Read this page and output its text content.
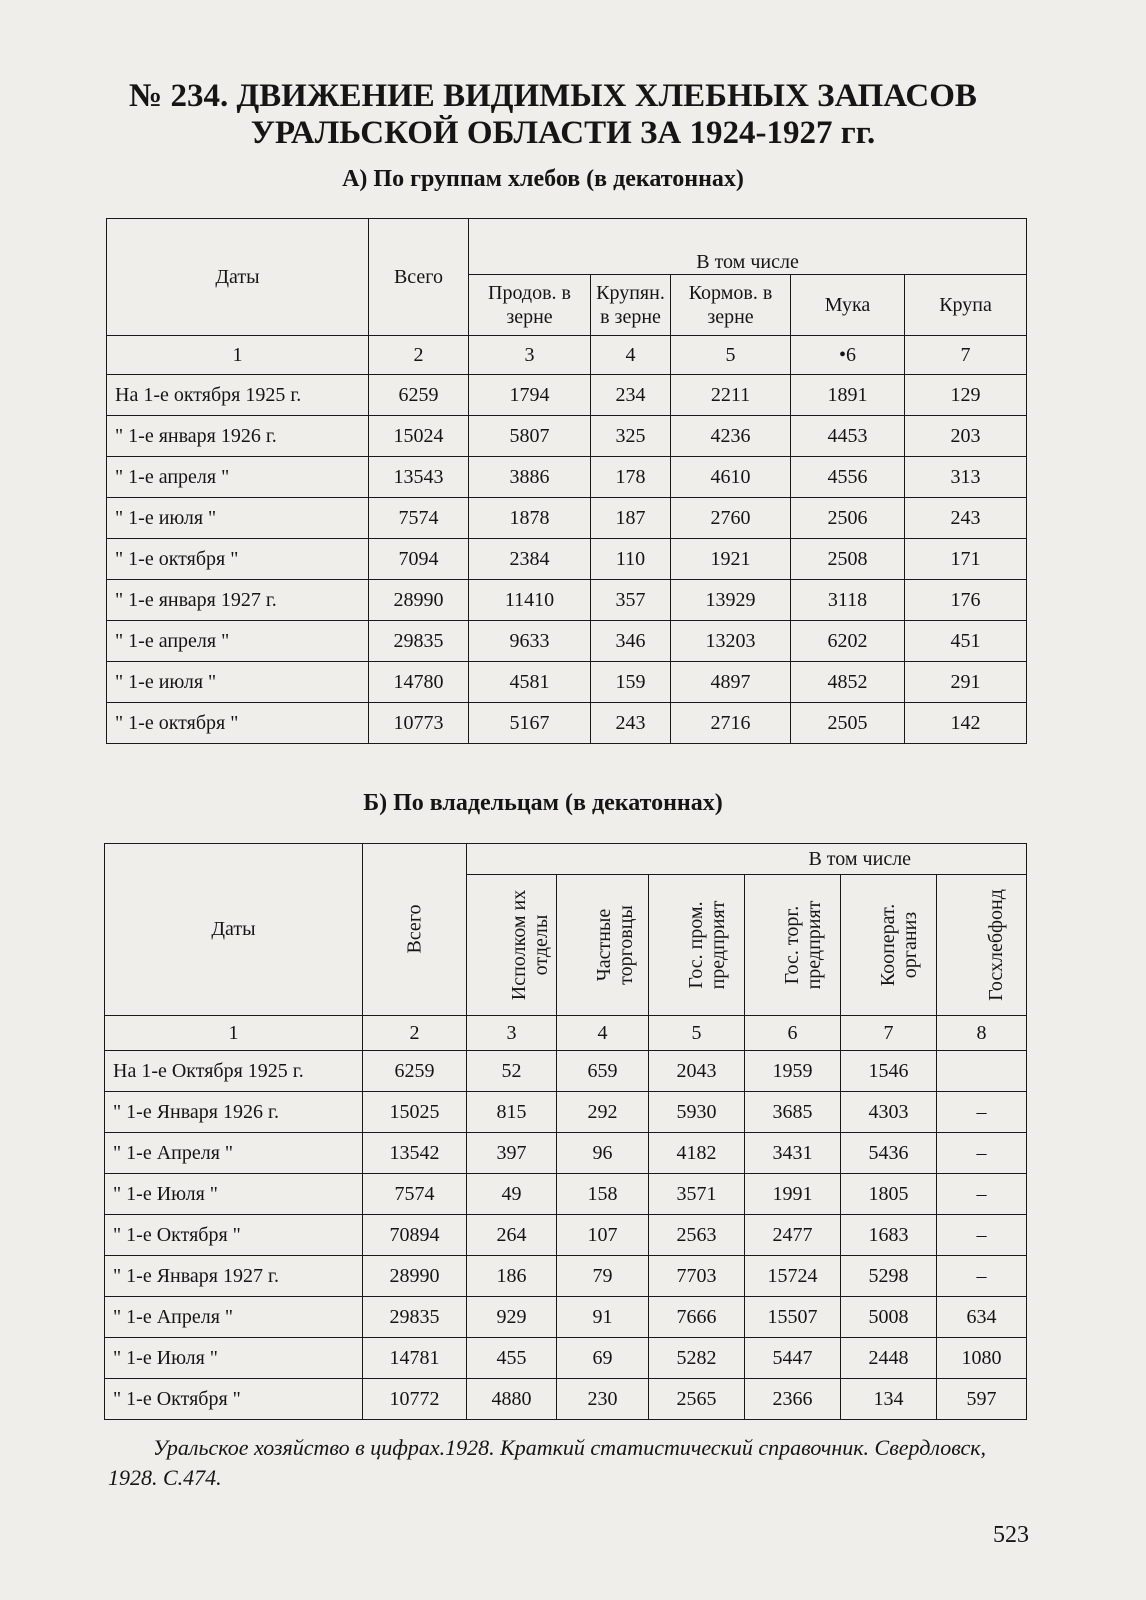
№ 234. ДВИЖЕНИЕ ВИДИМЫХ ХЛЕБНЫХ ЗАПАСОВ
УРАЛЬСКОЙ ОБЛАСТИ ЗА 1924-1927 гг.
А) По группам хлебов (в декатоннах)
Даты	Всего	В том числе				
		Продов. в зерне	Крупян. в зерне	Кормов. в зерне	Мука	Крупа
1	2	3	4	5	•6	7
На 1-е октября 1925 г.	6259	1794	234	2211	1891	129
" 1-е января 1926 г.	15024	5807	325	4236	4453	203
" 1-е апреля "	13543	3886	178	4610	4556	313
" 1-е июля "	7574	1878	187	2760	2506	243
" 1-е октября "	7094	2384	110	1921	2508	171
" 1-е января 1927 г.	28990	11410	357	13929	3118	176
" 1-е апреля "	29835	9633	346	13203	6202	451
" 1-е июля "	14780	4581	159	4897	4852	291
" 1-е октября "	10773	5167	243	2716	2505	142
Б) По владельцам (в декатоннах)
Даты	Всего	В том числе					
		Исполком их отделы	Частные торговцы	Гос. пром. предприят	Гос. торг. предприят	Кооперат. организ	Госхлебфонд
1	2	3	4	5	6	7	8
На 1-е Октября 1925 г.	6259	52	659	2043	1959	1546	
" 1-е Января 1926 г.	15025	815	292	5930	3685	4303	–
" 1-е Апреля "	13542	397	96	4182	3431	5436	–
" 1-е Июля "	7574	49	158	3571	1991	1805	–
" 1-е Октября "	70894	264	107	2563	2477	1683	–
" 1-е Января 1927 г.	28990	186	79	7703	15724	5298	–
" 1-е Апреля "	29835	929	91	7666	15507	5008	634
" 1-е Июля "	14781	455	69	5282	5447	2448	1080
" 1-е Октября "	10772	4880	230	2565	2366	134	597

Уральское хозяйство в цифрах.1928. Краткий статистический справочник. Свердловск, 1928. С.474.

523
